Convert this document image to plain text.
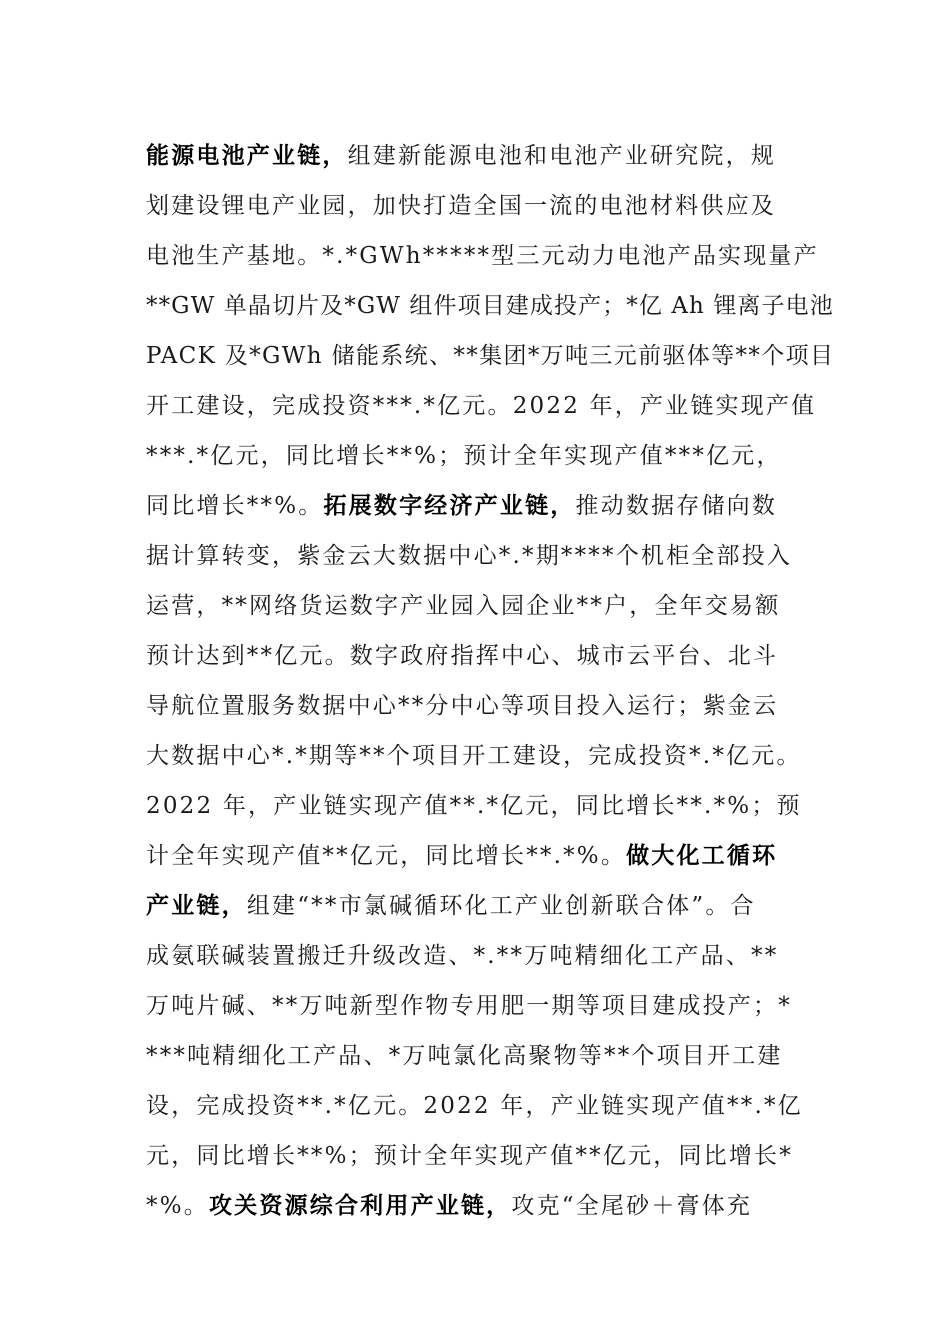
能源电池产业链，组建新能源电池和电池产业研究院，规
划建设锂电产业园，加快打造全国一流的电池材料供应及
电池生产基地。*.*GWh*****型三元动力电池产品实现量产
**GW 单晶切片及*GW 组件项目建成投产；*亿 Ah 锂离子电池
PACK 及*GWh 储能系统、**集团*万吨三元前驱体等**个项目
开工建设，完成投资***.*亿元。2022 年，产业链实现产值
***.*亿元，同比增长**%；预计全年实现产值***亿元，
同比增长**%。拓展数字经济产业链，推动数据存储向数
据计算转变，紫金云大数据中心*.*期****个机柜全部投入
运营，**网络货运数字产业园入园企业**户，全年交易额
预计达到**亿元。数字政府指挥中心、城市云平台、北斗
导航位置服务数据中心**分中心等项目投入运行；紫金云
大数据中心*.*期等**个项目开工建设，完成投资*.*亿元。
2022 年，产业链实现产值**.*亿元，同比增长**.*%；预
计全年实现产值**亿元，同比增长**.*%。做大化工循环
产业链，组建“**市氯碱循环化工产业创新联合体”。合
成氨联碱装置搬迁升级改造、*.**万吨精细化工产品、**
万吨片碱、**万吨新型作物专用肥一期等项目建成投产；*
***吨精细化工产品、*万吨氯化高聚物等**个项目开工建
设，完成投资**.*亿元。2022 年，产业链实现产值**.*亿
元，同比增长**%；预计全年实现产值**亿元，同比增长*
*%。攻关资源综合利用产业链，攻克“全尾砂＋膏体充
